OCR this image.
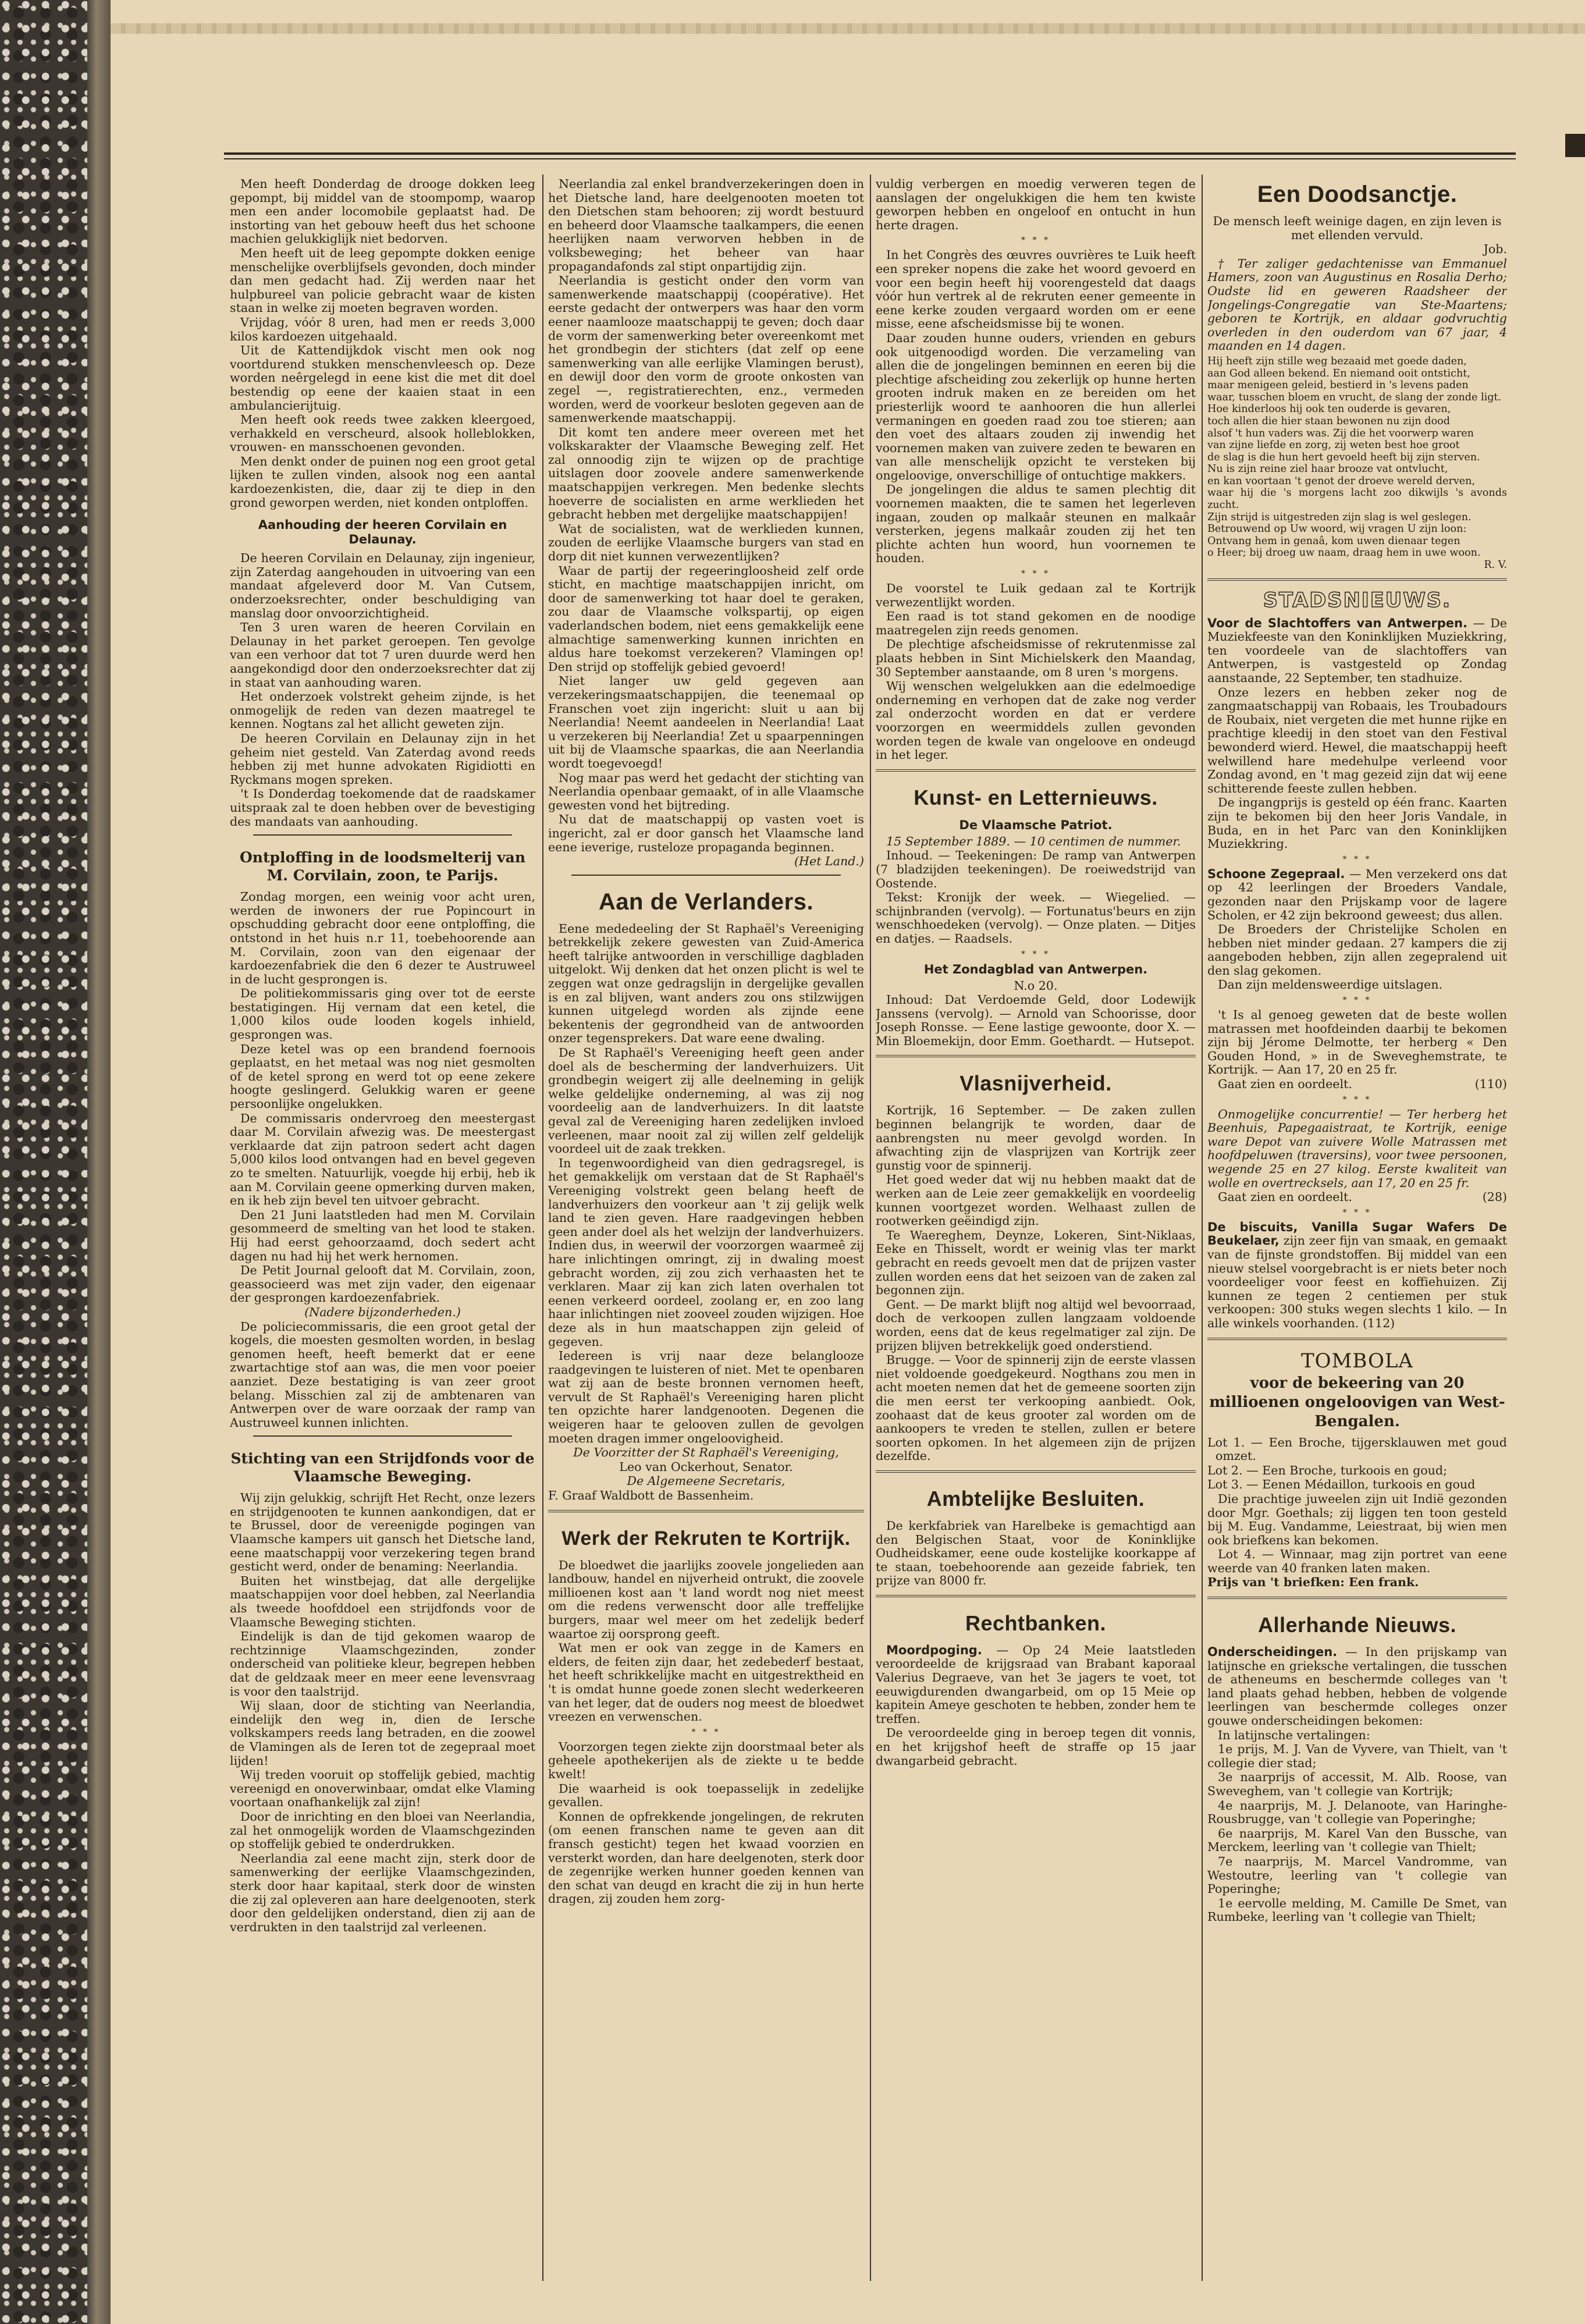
Men heeft Donderdag de drooge dokken leeg gepompt, bij middel van de stoompomp, waarop men een ander locomobile geplaatst had. De instorting van het gebouw heeft dus het schoone machien gelukkiglijk niet bedorven.

Men heeft uit de leeg gepompte dokken eenige menschelijke overblijfsels gevonden, doch minder dan men gedacht had. Zij werden naar het hulpbureel van policie gebracht waar de kisten staan in welke zij moeten begraven worden.

Vrijdag, vóór 8 uren, had men er reeds 3,000 kilos kardoezen uitgehaald.

Uit de Kattendijkdok vischt men ook nog voortdurend stukken menschenvleesch op. Deze worden neêrgelegd in eene kist die met dit doel bestendig op eene der kaaien staat in een ambulancierijtuig.

Men heeft ook reeds twee zakken kleergoed, verhakkeld en verscheurd, alsook holleblokken, vrouwen- en mansschoenen gevonden.

Men denkt onder de puinen nog een groot getal lijken te zullen vinden, alsook nog een aantal kardoezenkisten, die, daar zij te diep in den grond geworpen werden, niet konden ontploffen.

Aanhouding der heeren Corvilain en Delaunay.

De heeren Corvilain en Delaunay, zijn ingenieur, zijn Zaterdag aangehouden in uitvoering van een mandaat afgeleverd door M. Van Cutsem, onderzoeksrechter, onder beschuldiging van manslag door onvoorzichtigheid.

Ten 3 uren waren de heeren Corvilain en Delaunay in het parket geroepen. Ten gevolge van een verhoor dat tot 7 uren duurde werd hen aangekondigd door den onderzoeksrechter dat zij in staat van aanhouding waren.

Het onderzoek volstrekt geheim zijnde, is het onmogelijk de reden van dezen maatregel te kennen. Nogtans zal het allicht geweten zijn.

De heeren Corvilain en Delaunay zijn in het geheim niet gesteld. Van Zaterdag avond reeds hebben zij met hunne advokaten Rigidiotti en Ryckmans mogen spreken.

't Is Donderdag toekomende dat de raadskamer uitspraak zal te doen hebben over de bevestiging des mandaats van aanhouding.

Ontploffing in de loodsmelterij van M. Corvilain, zoon, te Parijs.

Zondag morgen, een weinig voor acht uren, werden de inwoners der rue Popincourt in opschudding gebracht door eene ontploffing, die ontstond in het huis n.r 11, toebehoorende aan M. Corvilain, zoon van den eigenaar der kardoezenfabriek die den 6 dezer te Austruweel in de lucht gesprongen is.

De politiekommissaris ging over tot de eerste bestatigingen. Hij vernam dat een ketel, die 1,000 kilos oude looden kogels inhield, gesprongen was.

Deze ketel was op een brandend foernoois geplaatst, en het metaal was nog niet gesmolten of de ketel sprong en werd tot op eene zekere hoogte geslingerd. Gelukkig waren er geene persoonlijke ongelukken.

De commissaris ondervroeg den meestergast daar M. Corvilain afwezig was. De meestergast verklaarde dat zijn patroon sedert acht dagen 5,000 kilos lood ontvangen had en bevel gegeven zo te smelten. Natuurlijk, voegde hij erbij, heb ik aan M. Corvilain geene opmerking durven maken, en ik heb zijn bevel ten uitvoer gebracht.

Den 21 Juni laatstleden had men M. Corvilain gesommeerd de smelting van het lood te staken. Hij had eerst gehoorzaamd, doch sedert acht dagen nu had hij het werk hernomen.

De Petit Journal gelooft dat M. Corvilain, zoon, geassocieerd was met zijn vader, den eigenaar der gesprongen kardoezenfabriek.

(Nadere bijzonderheden.)

De policiecommissaris, die een groot getal der kogels, die moesten gesmolten worden, in beslag genomen heeft, heeft bemerkt dat er eene zwartachtige stof aan was, die men voor poeier aanziet. Deze bestatiging is van zeer groot belang. Misschien zal zij de ambtenaren van Antwerpen over de ware oorzaak der ramp van Austruweel kunnen inlichten.

Stichting van een Strijdfonds voor de Vlaamsche Beweging.

Wij zijn gelukkig, schrijft Het Recht, onze lezers en strijdgenooten te kunnen aankondigen, dat er te Brussel, door de vereenigde pogingen van Vlaamsche kampers uit gansch het Dietsche land, eene maatschappij voor verzekering tegen brand gesticht werd, onder de benaming: Neerlandia.

Buiten het winstbejag, dat alle dergelijke maatschappijen voor doel hebben, zal Neerlandia als tweede hoofddoel een strijdfonds voor de Vlaamsche Beweging stichten.

Eindelijk is dan de tijd gekomen waarop de rechtzinnige Vlaamschgezinden, zonder onderscheid van politieke kleur, begrepen hebben dat de geldzaak meer en meer eene levensvraag is voor den taalstrijd.

Wij slaan, door de stichting van Neerlandia, eindelijk den weg in, dien de Iersche volkskampers reeds lang betraden, en die zoowel de Vlamingen als de Ieren tot de zegepraal moet lijden!

Wij treden vooruit op stoffelijk gebied, machtig vereenigd en onoverwinbaar, omdat elke Vlaming voortaan onafhankelijk zal zijn!

Door de inrichting en den bloei van Neerlandia, zal het onmogelijk worden de Vlaamschgezinden op stoffelijk gebied te onderdrukken.

Neerlandia zal eene macht zijn, sterk door de samenwerking der eerlijke Vlaamschgezinden, sterk door haar kapitaal, sterk door de winsten die zij zal opleveren aan hare deelgenooten, sterk door den geldelijken onderstand, dien zij aan de verdrukten in den taalstrijd zal verleenen.

Neerlandia zal enkel brandverzekeringen doen in het Dietsche land, hare deelgenooten moeten tot den Dietschen stam behooren; zij wordt bestuurd en beheerd door Vlaamsche taalkampers, die eenen heerlijken naam verworven hebben in de volksbeweging; het beheer van haar propagandafonds zal stipt onpartijdig zijn.

Neerlandia is gesticht onder den vorm van samenwerkende maatschappij (coopérative). Het eerste gedacht der ontwerpers was haar den vorm eener naamlooze maatschappij te geven; doch daar de vorm der samenwerking beter overeenkomt met het grondbegin der stichters (dat zelf op eene samenwerking van alle eerlijke Vlamingen berust), en dewijl door den vorm de groote onkosten van zegel —, registratierechten, enz., vermeden worden, werd de voorkeur besloten gegeven aan de samenwerkende maatschappij.

Dit komt ten andere meer overeen met het volkskarakter der Vlaamsche Beweging zelf. Het zal onnoodig zijn te wijzen op de prachtige uitslagen door zoovele andere samenwerkende maatschappijen verkregen. Men bedenke slechts hoeverre de socialisten en arme werklieden het gebracht hebben met dergelijke maatschappijen!

Wat de socialisten, wat de werklieden kunnen, zouden de eerlijke Vlaamsche burgers van stad en dorp dit niet kunnen verwezentlijken?

Waar de partij der regeeringloosheid zelf orde sticht, en machtige maatschappijen inricht, om door de samenwerking tot haar doel te geraken, zou daar de Vlaamsche volkspartij, op eigen vaderlandschen bodem, niet eens gemakkelijk eene almachtige samenwerking kunnen inrichten en aldus hare toekomst verzekeren? Vlamingen op! Den strijd op stoffelijk gebied gevoerd!

Niet langer uw geld gegeven aan verzekeringsmaatschappijen, die teenemaal op Franschen voet zijn ingericht: sluit u aan bij Neerlandia! Neemt aandeelen in Neerlandia! Laat u verzekeren bij Neerlandia! Zet u spaarpenningen uit bij de Vlaamsche spaarkas, die aan Neerlandia wordt toegevoegd!

Nog maar pas werd het gedacht der stichting van Neerlandia openbaar gemaakt, of in alle Vlaamsche gewesten vond het bijtreding.

Nu dat de maatschappij op vasten voet is ingericht, zal er door gansch het Vlaamsche land eene ieverige, rusteloze propaganda beginnen.

(Het Land.)

Aan de Verlanders.

Eene mededeeling der St Raphaël's Vereeniging betrekkelijk zekere gewesten van Zuid-America heeft talrijke antwoorden in verschillige dagbladen uitgelokt. Wij denken dat het onzen plicht is wel te zeggen wat onze gedragslijn in dergelijke gevallen is en zal blijven, want anders zou ons stilzwijgen kunnen uitgelegd worden als zijnde eene bekentenis der gegrondheid van de antwoorden onzer tegensprekers. Dat ware eene dwaling.

De St Raphaël's Vereeniging heeft geen ander doel als de bescherming der landverhuizers. Uit grondbegin weigert zij alle deelneming in gelijk welke geldelijke onderneming, al was zij nog voordeelig aan de landverhuizers. In dit laatste geval zal de Vereeniging haren zedelijken invloed verleenen, maar nooit zal zij willen zelf geldelijk voordeel uit de zaak trekken.

In tegenwoordigheid van dien gedragsregel, is het gemakkelijk om verstaan dat de St Raphaël's Vereeniging volstrekt geen belang heeft de landverhuizers den voorkeur aan 't zij gelijk welk land te zien geven. Hare raadgevingen hebben geen ander doel als het welzijn der landverhuizers. Indien dus, in weerwil der voorzorgen waarmeê zij hare inlichtingen omringt, zij in dwaling moest gebracht worden, zij zou zich verhaasten het te verklaren. Maar zij kan zich laten overhalen tot eenen verkeerd oordeel, zoolang er, en zoo lang haar inlichtingen niet zooveel zouden wijzigen. Hoe deze als in hun maatschappen zijn geleid of gegeven.

Iedereen is vrij naar deze belanglooze raadgevingen te luisteren of niet. Met te openbaren wat zij aan de beste bronnen vernomen heeft, vervult de St Raphaël's Vereeniging haren plicht ten opzichte harer landgenooten. Degenen die weigeren haar te gelooven zullen de gevolgen moeten dragen immer ongeloovigheid.

De Voorzitter der St Raphaël's Vereeniging,

Leo van Ockerhout, Senator.

De Algemeene Secretaris,

F. Graaf Waldbott de Bassenheim.

Werk der Rekruten te Kortrijk.

De bloedwet die jaarlijks zoovele jongelieden aan landbouw, handel en nijverheid ontrukt, die zoovele millioenen kost aan 't land wordt nog niet meest om die redens verwenscht door alle treffelijke burgers, maar wel meer om het zedelijk bederf waartoe zij oorsprong geeft.

Wat men er ook van zegge in de Kamers en elders, de feiten zijn daar, het zedebederf bestaat, het heeft schrikkelijke macht en uitgestrektheid en 't is omdat hunne goede zonen slecht wederkeeren van het leger, dat de ouders nog meest de bloedwet vreezen en verwenschen.

* * *

Voorzorgen tegen ziekte zijn doorstmaal beter als geheele apothekerijen als de ziekte u te bedde kwelt!

Die waarheid is ook toepasselijk in zedelijke gevallen.

Konnen de opfrekkende jongelingen, de rekruten (om eenen franschen name te geven aan dit fransch gesticht) tegen het kwaad voorzien en versterkt worden, dan hare deelgenoten, sterk door de zegenrijke werken hunner goeden kennen van den schat van deugd en kracht die zij in hun herte dragen, zij zouden hem zorg-

vuldig verbergen en moedig verweren tegen de aanslagen der ongelukkigen die hem ten kwiste geworpen hebben en ongeloof en ontucht in hun herte dragen.

* * *

In het Congrès des œuvres ouvrières te Luik heeft een spreker nopens die zake het woord gevoerd en voor een begin heeft hij voorengesteld dat daags vóór hun vertrek al de rekruten eener gemeente in eene kerke zouden vergaard worden om er eene misse, eene afscheidsmisse bij te wonen.

Daar zouden hunne ouders, vrienden en geburs ook uitgenoodigd worden. Die verzameling van allen die de jongelingen beminnen en eeren bij die plechtige afscheiding zou zekerlijk op hunne herten grooten indruk maken en ze bereiden om het priesterlijk woord te aanhooren die hun allerlei vermaningen en goeden raad zou toe stieren; aan den voet des altaars zouden zij inwendig het voornemen maken van zuivere zeden te bewaren en van alle menschelijk opzicht te versteken bij ongeloovige, onverschillige of ontuchtige makkers.

De jongelingen die aldus te samen plechtig dit voornemen maakten, die te samen het legerleven ingaan, zouden op malkaâr steunen en malkaâr versterken, jegens malkaâr zouden zij het ten plichte achten hun woord, hun voornemen te houden.

* * *

De voorstel te Luik gedaan zal te Kortrijk verwezentlijkt worden.

Een raad is tot stand gekomen en de noodige maatregelen zijn reeds genomen.

De plechtige afscheidsmisse of rekrutenmisse zal plaats hebben in Sint Michielskerk den Maandag, 30 September aanstaande, om 8 uren 's morgens.

Wij wenschen welgelukken aan die edelmoedige onderneming en verhopen dat de zake nog verder zal onderzocht worden en dat er verdere voorzorgen en weermiddels zullen gevonden worden tegen de kwale van ongeloove en ondeugd in het leger.

Kunst- en Letternieuws.
De Vlaamsche Patriot.

15 September 1889. — 10 centimen de nummer.

Inhoud. — Teekeningen: De ramp van Antwerpen (7 bladzijden teekeningen). De roeiwedstrijd van Oostende.

Tekst: Kronijk der week. — Wiegelied. — schijnbranden (vervolg). — Fortunatus'beurs en zijn wenschhoedeken (vervolg). — Onze platen. — Ditjes en datjes. — Raadsels.

* * *
Het Zondagblad van Antwerpen.

N.o 20.

Inhoud: Dat Verdoemde Geld, door Lodewijk Janssens (vervolg). — Arnold van Schoorisse, door Joseph Ronsse. — Eene lastige gewoonte, door X. — Min Bloemekijn, door Emm. Goethardt. — Hutsepot.

Vlasnijverheid.

Kortrijk, 16 September. — De zaken zullen beginnen belangrijk te worden, daar de aanbrengsten nu meer gevolgd worden. In afwachting zijn de vlasprijzen van Kortrijk zeer gunstig voor de spinnerij.

Het goed weder dat wij nu hebben maakt dat de werken aan de Leie zeer gemakkelijk en voordeelig kunnen voortgezet worden. Welhaast zullen de rootwerken geëindigd zijn.

Te Waereghem, Deynze, Lokeren, Sint-Niklaas, Eeke en Thisselt, wordt er weinig vlas ter markt gebracht en reeds gevoelt men dat de prijzen vaster zullen worden eens dat het seizoen van de zaken zal begonnen zijn.

Gent. — De markt blijft nog altijd wel bevoorraad, doch de verkoopen zullen langzaam voldoende worden, eens dat de keus regelmatiger zal zijn. De prijzen blijven betrekkelijk goed onderstiend.

Brugge. — Voor de spinnerij zijn de eerste vlassen niet voldoende goedgekeurd. Nogthans zou men in acht moeten nemen dat het de gemeene soorten zijn die men eerst ter verkooping aanbiedt. Ook, zoohaast dat de keus grooter zal worden om de aankoopers te vreden te stellen, zullen er betere soorten opkomen. In het algemeen zijn de prijzen dezelfde.

Ambtelijke Besluiten.

De kerkfabriek van Harelbeke is gemachtigd aan den Belgischen Staat, voor de Koninklijke Oudheidskamer, eene oude kostelijke koorkappe af te staan, toebehoorende aan gezeide fabriek, ten prijze van 8000 fr.

Rechtbanken.

Moordpoging. — Op 24 Meie laatstleden veroordeelde de krijgsraad van Brabant kaporaal Valerius Degraeve, van het 3e jagers te voet, tot eeuwigdurenden dwangarbeid, om op 15 Meie op kapitein Ameye geschoten te hebben, zonder hem te treffen.

De veroordeelde ging in beroep tegen dit vonnis, en het krijgshof heeft de straffe op 15 jaar dwangarbeid gebracht.

Een Doodsanctje.

De mensch leeft weinige dagen, en zijn leven is met ellenden vervuld.

Job.

† Ter zaliger gedachtenisse van Emmanuel Hamers, zoon van Augustinus en Rosalia Derho; Oudste lid en geweren Raadsheer der Jongelings-Congregatie van Ste-Maartens; geboren te Kortrijk, en aldaar godvruchtig overleden in den ouderdom van 67 jaar, 4 maanden en 14 dagen.

Hij heeft zijn stille weg bezaaid met goede daden,
aan God alleen bekend. En niemand ooit ontsticht,
maar menigeen geleid, bestierd in 's levens paden
waar, tusschen bloem en vrucht, de slang der zonde ligt.
Hoe kinderloos hij ook ten ouderde is gevaren,
toch allen die hier staan bewonen nu zijn dood
alsof 't hun vaders was. Zij die het voorwerp waren
van zijne liefde en zorg, zij weten best hoe groot
de slag is die hun hert gevoeld heeft bij zijn sterven.
Nu is zijn reine ziel haar brooze vat ontvlucht,
en kan voortaan 't genot der droeve wereld derven,
waar hij die 's morgens lacht zoo dikwijls 's avonds zucht.
Zijn strijd is uitgestreden zijn slag is wel geslegen.
Betrouwend op Uw woord, wij vragen U zijn loon:
Ontvang hem in genaâ, kom uwen dienaar tegen
o Heer; bij droeg uw naam, draag hem in uwe woon.
R. V.
STADSNIEUWS.

Voor de Slachtoffers van Antwerpen. — De Muziekfeeste van den Koninklijken Muziekkring, ten voordeele van de slachtoffers van Antwerpen, is vastgesteld op Zondag aanstaande, 22 September, ten stadhuize.

Onze lezers en hebben zeker nog de zangmaatschappij van Robaais, les Troubadours de Roubaix, niet vergeten die met hunne rijke en prachtige kleedij in den stoet van den Festival bewonderd wierd. Hewel, die maatschappij heeft welwillend hare medehulpe verleend voor Zondag avond, en 't mag gezeid zijn dat wij eene schitterende feeste zullen hebben.

De ingangprijs is gesteld op één franc. Kaarten zijn te bekomen bij den heer Joris Vandale, in Buda, en in het Parc van den Koninklijken Muziekkring.

* * *

Schoone Zegepraal. — Men verzekerd ons dat op 42 leerlingen der Broeders Vandale, gezonden naar den Prijskamp voor de lagere Scholen, er 42 zijn bekroond geweest; dus allen.

De Broeders der Christelijke Scholen en hebben niet minder gedaan. 27 kampers die zij aangeboden hebben, zijn allen zegepralend uit den slag gekomen.

Dan zijn meldensweerdige uitslagen.

* * *

't Is al genoeg geweten dat de beste wollen matrassen met hoofdeinden daarbij te bekomen zijn bij Jérome Delmotte, ter herberg « Den Gouden Hond, » in de Sweveghemstrate, te Kortrijk. — Aan 17, 20 en 25 fr.

Gaat zien en oordeelt.	(110)

* * *

Onmogelijke concurrentie! — Ter herberg het Beenhuis, Papegaaistraat, te Kortrijk, eenige ware Depot van zuivere Wolle Matrassen met hoofdpeluwen (traversins), voor twee persoonen, wegende 25 en 27 kilog. Eerste kwaliteit van wolle en overtrecksels, aan 17, 20 en 25 fr.

Gaat zien en oordeelt.	(28)

* * *

De biscuits, Vanilla Sugar Wafers De Beukelaer, zijn zeer fijn van smaak, en gemaakt van de fijnste grondstoffen. Bij middel van een nieuw stelsel voorgebracht is er niets beter noch voordeeliger voor feest en koffiehuizen. Zij kunnen ze tegen 2 centiemen per stuk verkoopen: 300 stuks wegen slechts 1 kilo. — In alle winkels voorhanden. (112)

TOMBOLA
voor de bekeering van 20 millioenen ongeloovigen van West-Bengalen.

Lot 1. — Een Broche, tijgersklauwen met goud omzet.

Lot 2. — Een Broche, turkoois en goud;

Lot 3. — Eenen Médaillon, turkoois en goud

Die prachtige juweelen zijn uit Indië gezonden door Mgr. Goethals; zij liggen ten toon gesteld bij M. Eug. Vandamme, Leiestraat, bij wien men ook briefkens kan bekomen.

Lot 4. — Winnaar, mag zijn portret van eene weerde van 40 franken laten maken.

Prijs van 't briefken: Een frank.

Allerhande Nieuws.

Onderscheidingen. — In den prijskamp van latijnsche en grieksche vertalingen, die tusschen de atheneums en beschermde colleges van 't land plaats gehad hebben, hebben de volgende leerlingen van beschermde colleges onzer gouwe onderscheidingen bekomen:

In latijnsche vertalingen:

1e prijs, M. J. Van de Vyvere, van Thielt, van 't collegie dier stad;

3e naarprijs of accessit, M. Alb. Roose, van Sweveghem, van 't collegie van Kortrijk;

4e naarprijs, M. J. Delanoote, van Haringhe-Rousbrugge, van 't collegie van Poperinghe;

6e naarprijs, M. Karel Van den Bussche, van Merckem, leerling van 't collegie van Thielt;

7e naarprijs, M. Marcel Vandromme, van Westoutre, leerling van 't collegie van Poperinghe;

1e eervolle melding, M. Camille De Smet, van Rumbeke, leerling van 't collegie van Thielt;
